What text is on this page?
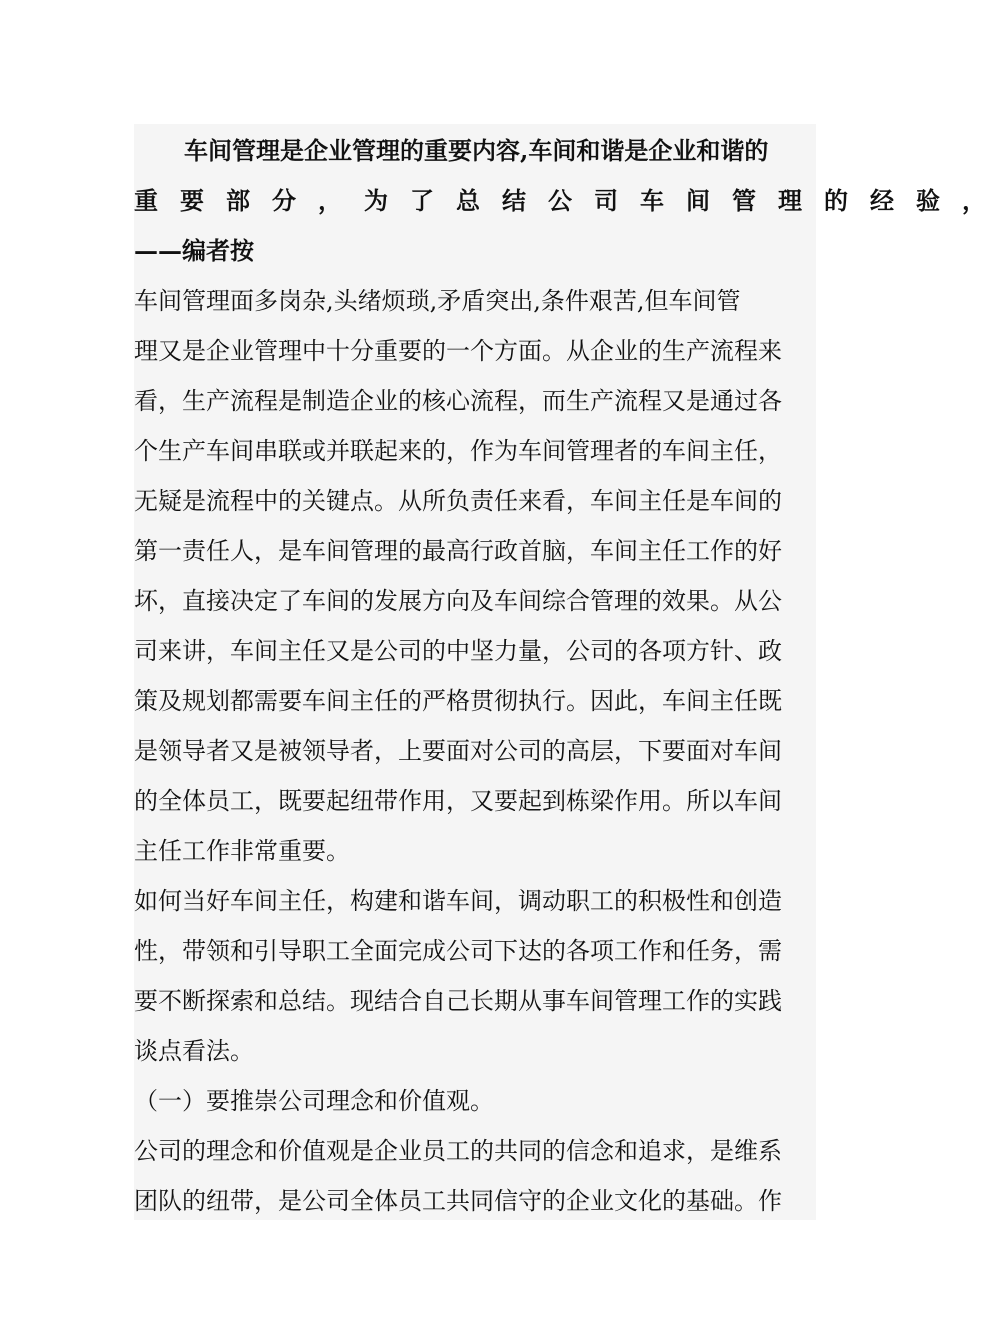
车间管理是企业管理的重要内容,车间和谐是企业和谐的
重要部分，为了总结公司车间管理的经验，
——编者按
车间管理面多岗杂,头绪烦琐,矛盾突出,条件艰苦,但车间管
理又是企业管理中十分重要的一个方面。从企业的生产流程来
看，生产流程是制造企业的核心流程，而生产流程又是通过各
个生产车间串联或并联起来的，作为车间管理者的车间主任，
无疑是流程中的关键点。从所负责任来看，车间主任是车间的
第一责任人，是车间管理的最高行政首脑，车间主任工作的好
坏，直接决定了车间的发展方向及车间综合管理的效果。从公
司来讲，车间主任又是公司的中坚力量，公司的各项方针、政
策及规划都需要车间主任的严格贯彻执行。因此，车间主任既
是领导者又是被领导者，上要面对公司的高层，下要面对车间
的全体员工，既要起纽带作用，又要起到栋梁作用。所以车间
主任工作非常重要。
如何当好车间主任，构建和谐车间，调动职工的积极性和创造
性，带领和引导职工全面完成公司下达的各项工作和任务，需
要不断探索和总结。现结合自己长期从事车间管理工作的实践
谈点看法。
（一）要推崇公司理念和价值观。
公司的理念和价值观是企业员工的共同的信念和追求，是维系
团队的纽带，是公司全体员工共同信守的企业文化的基础。作
